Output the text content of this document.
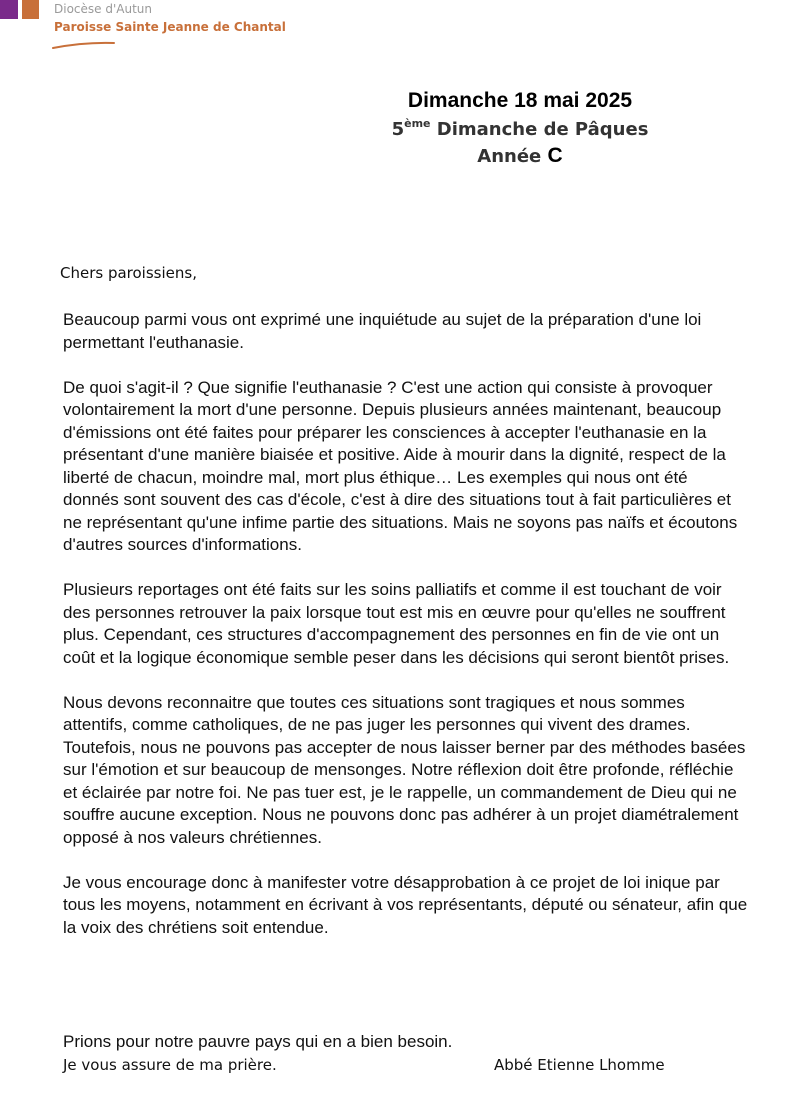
Diocèse d'Autun
Paroisse Sainte Jeanne de Chantal
Dimanche 18 mai 2025
5ème Dimanche de Pâques
Année C
Chers paroissiens,

Beaucoup parmi vous ont exprimé une inquiétude au sujet de la préparation d'une loi permettant l'euthanasie.

De quoi s'agit-il ? Que signifie l'euthanasie ? C'est une action qui consiste à provoquer volontairement la mort d'une personne. Depuis plusieurs années maintenant, beaucoup d'émissions ont été faites pour préparer les consciences à accepter l'euthanasie en la présentant d'une manière biaisée et positive. Aide à mourir dans la dignité, respect de la liberté de chacun, moindre mal, mort plus éthique… Les exemples qui nous ont été donnés sont souvent des cas d'école, c'est à dire des situations tout à fait particulières et ne représentant qu'une infime partie des situations. Mais ne soyons pas naïfs et écoutons d'autres sources d'informations.

Plusieurs reportages ont été faits sur les soins palliatifs et comme il est touchant de voir des personnes retrouver la paix lorsque tout est mis en œuvre pour qu'elles ne souffrent plus. Cependant, ces structures d'accompagnement des personnes en fin de vie ont un coût et la logique économique semble peser dans les décisions qui seront bientôt prises.

Nous devons reconnaitre que toutes ces situations sont tragiques et nous sommes attentifs, comme catholiques, de ne pas juger les personnes qui vivent des drames. Toutefois, nous ne pouvons pas accepter de nous laisser berner par des méthodes basées sur l'émotion et sur beaucoup de mensonges. Notre réflexion doit être profonde, réfléchie et éclairée par notre foi. Ne pas tuer est, je le rappelle, un commandement de Dieu qui ne souffre aucune exception. Nous ne pouvons donc pas adhérer à un projet diamétralement opposé à nos valeurs chrétiennes.

Je vous encourage donc à manifester votre désapprobation à ce projet de loi inique par tous les moyens, notamment en écrivant à vos représentants, député ou sénateur, afin que la voix des chrétiens soit entendue.

Prions pour notre pauvre pays qui en a bien besoin.
Je vous assure de ma prière.	Abbé Etienne Lhomme
